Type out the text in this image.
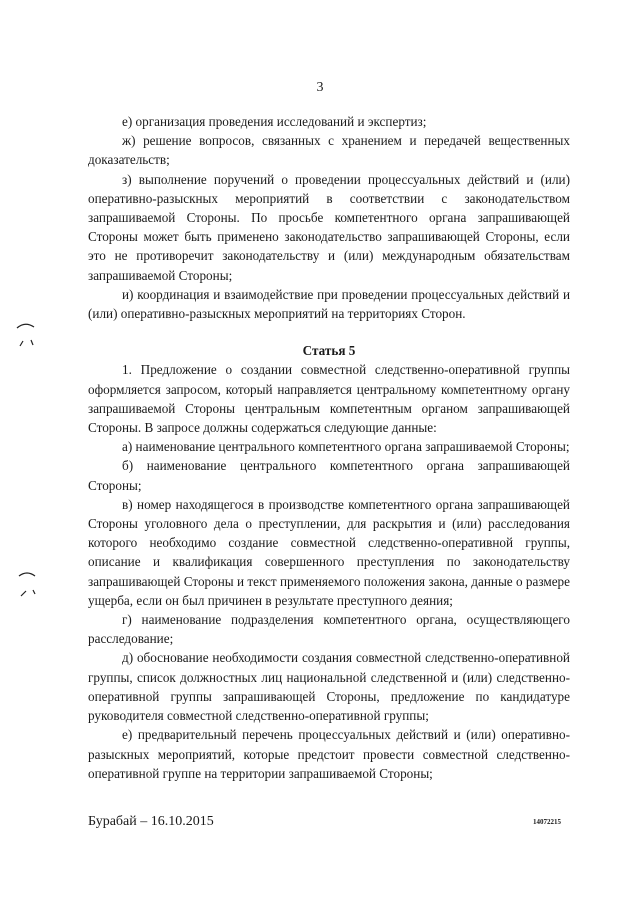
3

е) организация проведения исследований и экспертиз;

ж) решение вопросов, связанных с хранением и передачей вещественных доказательств;

з) выполнение поручений о проведении процессуальных действий и (или) оперативно-разыскных мероприятий в соответствии с законодательством запрашиваемой Стороны. По просьбе компетентного органа запрашивающей Стороны может быть применено законодательство запрашивающей Стороны, если это не противоречит законодательству и (или) международным обязательствам запрашиваемой Стороны;

и) координация и взаимодействие при проведении процессуальных действий и (или) оперативно-разыскных мероприятий на территориях Сторон.

Статья 5

1. Предложение о создании совместной следственно-оперативной группы оформляется запросом, который направляется центральному компетентному органу запрашиваемой Стороны центральным компетентным органом запрашивающей Стороны. В запросе должны содержаться следующие данные:

а) наименование центрального компетентного органа запрашиваемой Стороны;

б) наименование центрального компетентного органа запрашивающей Стороны;

в) номер находящегося в производстве компетентного органа запрашивающей Стороны уголовного дела о преступлении, для раскрытия и (или) расследования которого необходимо создание совместной следственно-оперативной группы, описание и квалификация совершенного преступления по законодательству запрашивающей Стороны и текст применяемого положения закона, данные о размере ущерба, если он был причинен в результате преступного деяния;

г) наименование подразделения компетентного органа, осуществляющего расследование;

д) обоснование необходимости создания совместной следственно-оперативной группы, список должностных лиц национальной следственной и (или) следственно-оперативной группы запрашивающей Стороны, предложение по кандидатуре руководителя совместной следственно-оперативной группы;

е) предварительный перечень процессуальных действий и (или) оперативно-разыскных мероприятий, которые предстоит провести совместной следственно-оперативной группе на территории запрашиваемой Стороны;

Бурабай – 16.10.2015	14072215
